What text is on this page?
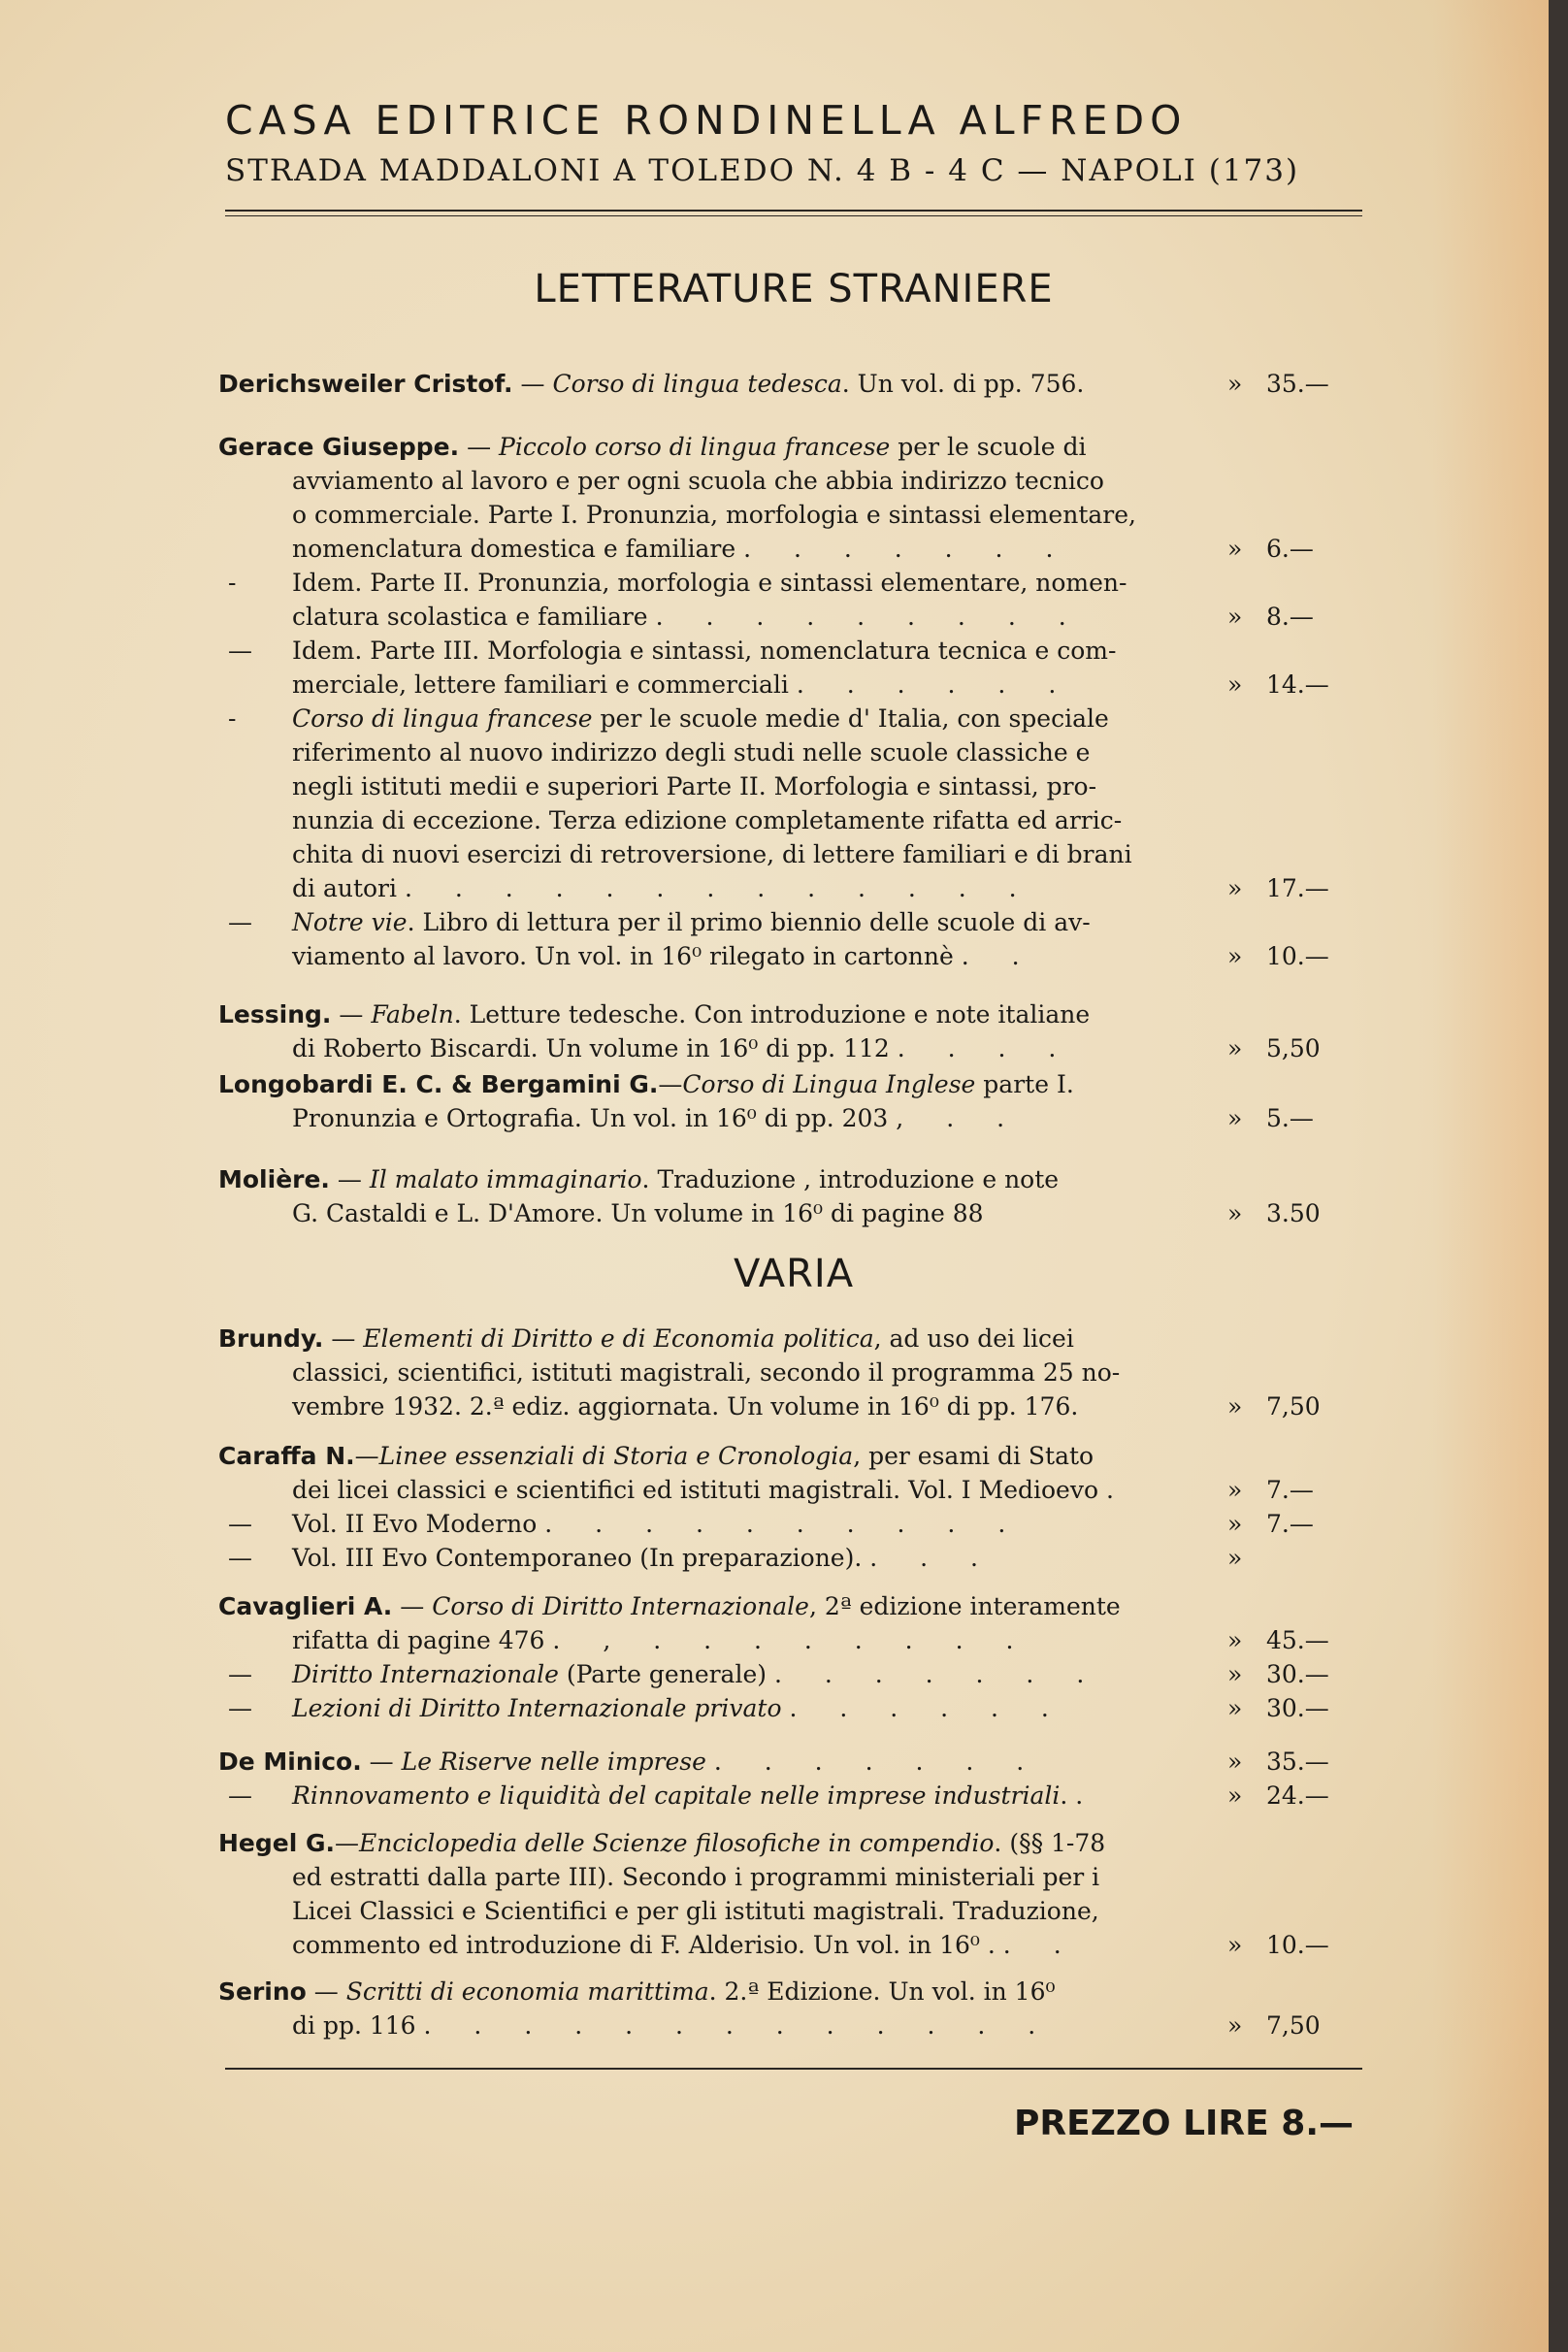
CASA EDITRICE RONDINELLA ALFREDO
STRADA MADDALONI A TOLEDO N. 4 B - 4 C — NAPOLI (173)
LETTERATURE STRANIERE
Derichsweiler Cristof. — Corso di lingua tedesca. Un vol. di pp. 756.	» 35.—
Gerace Giuseppe. — Piccolo corso di lingua francese per le scuole di
avviamento al lavoro e per ogni scuola che abbia indirizzo tecnico
o commerciale. Parte I. Pronunzia, morfologia e sintassi elementare,
nomenclatura domestica e familiare . . . . . . .	» 6.—
- Idem. Parte II. Pronunzia, morfologia e sintassi elementare, nomen-
clatura scolastica e familiare . . . . . . . . .	» 8.—
— Idem. Parte III. Morfologia e sintassi, nomenclatura tecnica e com-
merciale, lettere familiari e commerciali . . . . . .	» 14.—
- Corso di lingua francese per le scuole medie d' Italia, con speciale
riferimento al nuovo indirizzo degli studi nelle scuole classiche e
negli istituti medii e superiori Parte II. Morfologia e sintassi, pro-
nunzia di eccezione. Terza edizione completamente rifatta ed arric-
chita di nuovi esercizi di retroversione, di lettere familiari e di brani
di autori . . . . . . . . . . . . .	» 17.—
— Notre vie. Libro di lettura per il primo biennio delle scuole di av-
viamento al lavoro. Un vol. in 16⁰ rilegato in cartonnè . .	» 10.—
Lessing. — Fabeln. Letture tedesche. Con introduzione e note italiane
di Roberto Biscardi. Un volume in 16⁰ di pp. 112 . . . .	» 5,50
Longobardi E. C. & Bergamini G.—Corso di Lingua Inglese parte I.
Pronunzia e Ortografia. Un vol. in 16⁰ di pp. 203 , . .	» 5.—
Molière. — Il malato immaginario. Traduzione , introduzione e note
G. Castaldi e L. D'Amore. Un volume in 16⁰ di pagine 88	» 3.50
VARIA
Brundy. — Elementi di Diritto e di Economia politica, ad uso dei licei
classici, scientifici, istituti magistrali, secondo il programma 25 no-
vembre 1932. 2.ª ediz. aggiornata. Un volume in 16⁰ di pp. 176.	» 7,50
Caraffa N.—Linee essenziali di Storia e Cronologia, per esami di Stato
dei licei classici e scientifici ed istituti magistrali. Vol. I Medioevo .	» 7.—
— Vol. II Evo Moderno . . . . . . . . . .	» 7.—
— Vol. III Evo Contemporaneo (In preparazione). . . .	»
Cavaglieri A. — Corso di Diritto Internazionale, 2ª edizione interamente
rifatta di pagine 476 . , . . . . . . . .	» 45.—
— Diritto Internazionale (Parte generale) . . . . . . .	» 30.—
— Lezioni di Diritto Internazionale privato . . . . . .	» 30.—
De Minico. — Le Riserve nelle imprese . . . . . . .	» 35.—
— Rinnovamento e liquidità del capitale nelle imprese industriali. .	» 24.—
Hegel G.—Enciclopedia delle Scienze filosofiche in compendio. (§§ 1-78
ed estratti dalla parte III). Secondo i programmi ministeriali per i
Licei Classici e Scientifici e per gli istituti magistrali. Traduzione,
commento ed introduzione di F. Alderisio. Un vol. in 16⁰ . . .	» 10.—
Serino — Scritti di economia marittima. 2.ª Edizione. Un vol. in 16⁰
di pp. 116 . . . . . . . . . . . . .	» 7,50
PREZZO LIRE 8.—
